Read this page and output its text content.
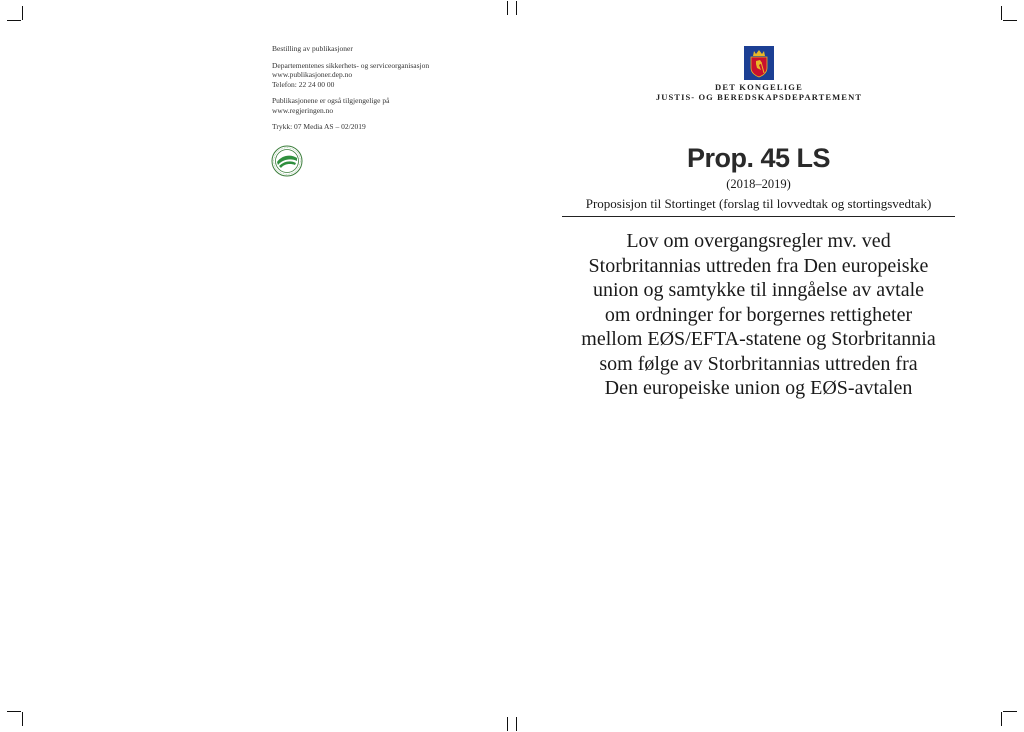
Bestilling av publikasjoner

Departementenes sikkerhets- og serviceorganisasjon
www.publikasjoner.dep.no
Telefon: 22 24 00 00

Publikasjonene er også tilgjengelige på
www.regjeringen.no

Trykk: 07 Media AS – 02/2019

DET KONGELIGE
JUSTIS- OG BEREDSKAPSDEPARTEMENT
Prop. 45 LS
(2018–2019)
Proposisjon til Stortinget (forslag til lovvedtak og stortingsvedtak)
Lov om overgangsregler mv. ved
Storbritannias uttreden fra Den europeiske
union og samtykke til inngåelse av avtale
om ordninger for borgernes rettigheter
mellom EØS/EFTA-statene og Storbritannia
som følge av Storbritannias uttreden fra
Den europeiske union og EØS-avtalen
